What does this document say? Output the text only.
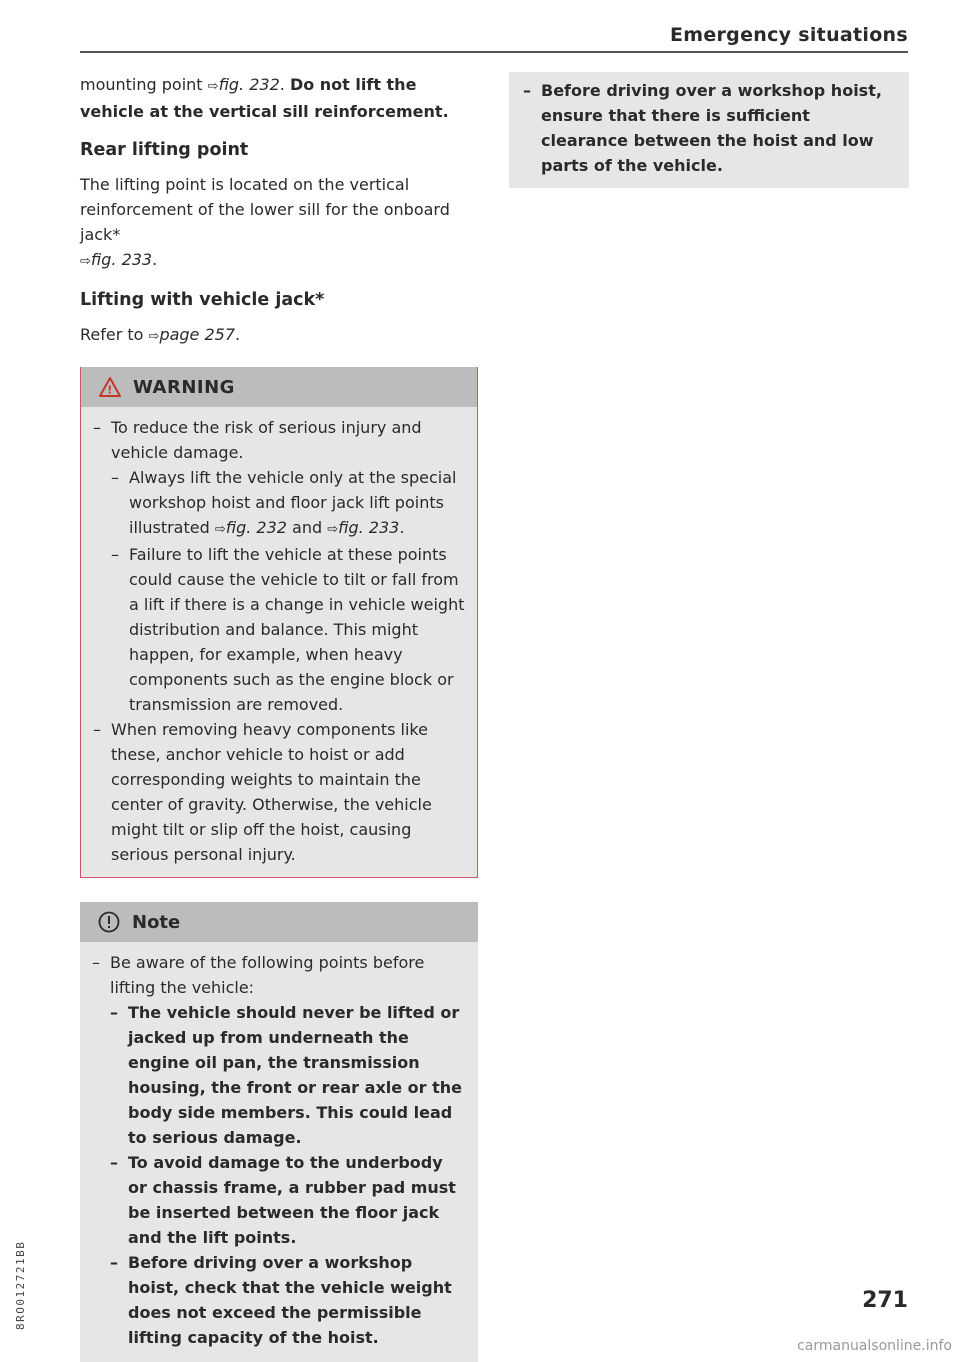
Emergency situations

mounting point ⇨fig. 232. Do not lift the vehicle at the vertical sill reinforcement.

Rear lifting point

The lifting point is located on the vertical reinforcement of the lower sill for the onboard jack*
⇨fig. 233.

Lifting with vehicle jack*

Refer to ⇨page 257.

! WARNING
– To reduce the risk of serious injury and vehicle damage.
– Always lift the vehicle only at the special workshop hoist and floor jack lift points illustrated ⇨fig. 232 and ⇨fig. 233.
– Failure to lift the vehicle at these points could cause the vehicle to tilt or fall from a lift if there is a change in vehicle weight distribution and balance. This might happen, for example, when heavy components such as the engine block or transmission are removed.
– When removing heavy components like these, anchor vehicle to hoist or add corresponding weights to maintain the center of gravity. Otherwise, the vehicle might tilt or slip off the hoist, causing serious personal injury.
Note
– Be aware of the following points before lifting the vehicle:
– The vehicle should never be lifted or jacked up from underneath the engine oil pan, the transmission housing, the front or rear axle or the body side members. This could lead to serious damage.
– To avoid damage to the underbody or chassis frame, a rubber pad must be inserted between the floor jack and the lift points.
– Before driving over a workshop hoist, check that the vehicle weight does not exceed the permissible lifting capacity of the hoist.
– Before driving over a workshop hoist, ensure that there is sufficient clearance between the hoist and low parts of the vehicle.
8RO012721BB	271
carmanualsonline.info
